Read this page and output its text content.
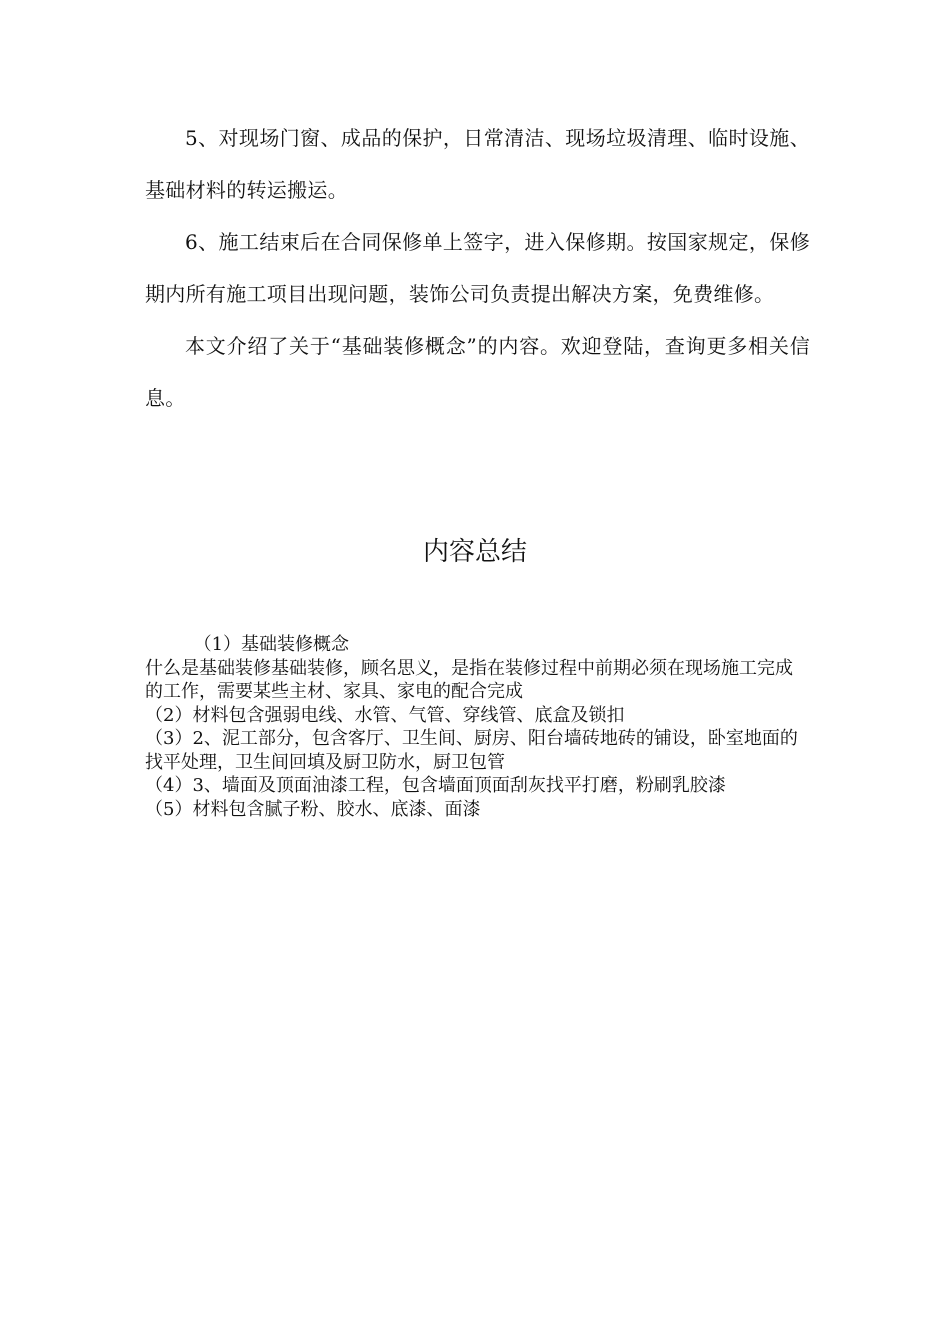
5、对现场门窗、成品的保护，日常清洁、现场垃圾清理、临时设施、基础材料的转运搬运。

6、施工结束后在合同保修单上签字，进入保修期。按国家规定，保修期内所有施工项目出现问题，装饰公司负责提出解决方案，免费维修。

本文介绍了关于“基础装修概念”的内容。欢迎登陆，查询更多相关信息。

内容总结

（1）基础装修概念

什么是基础装修基础装修，顾名思义，是指在装修过程中前期必须在现场施工完成的工作，需要某些主材、家具、家电的配合完成

（2）材料包含强弱电线、水管、气管、穿线管、底盒及锁扣

（3）2、泥工部分，包含客厅、卫生间、厨房、阳台墙砖地砖的铺设，卧室地面的找平处理，卫生间回填及厨卫防水，厨卫包管

（4）3、墙面及顶面油漆工程，包含墙面顶面刮灰找平打磨，粉刷乳胶漆

（5）材料包含腻子粉、胶水、底漆、面漆
